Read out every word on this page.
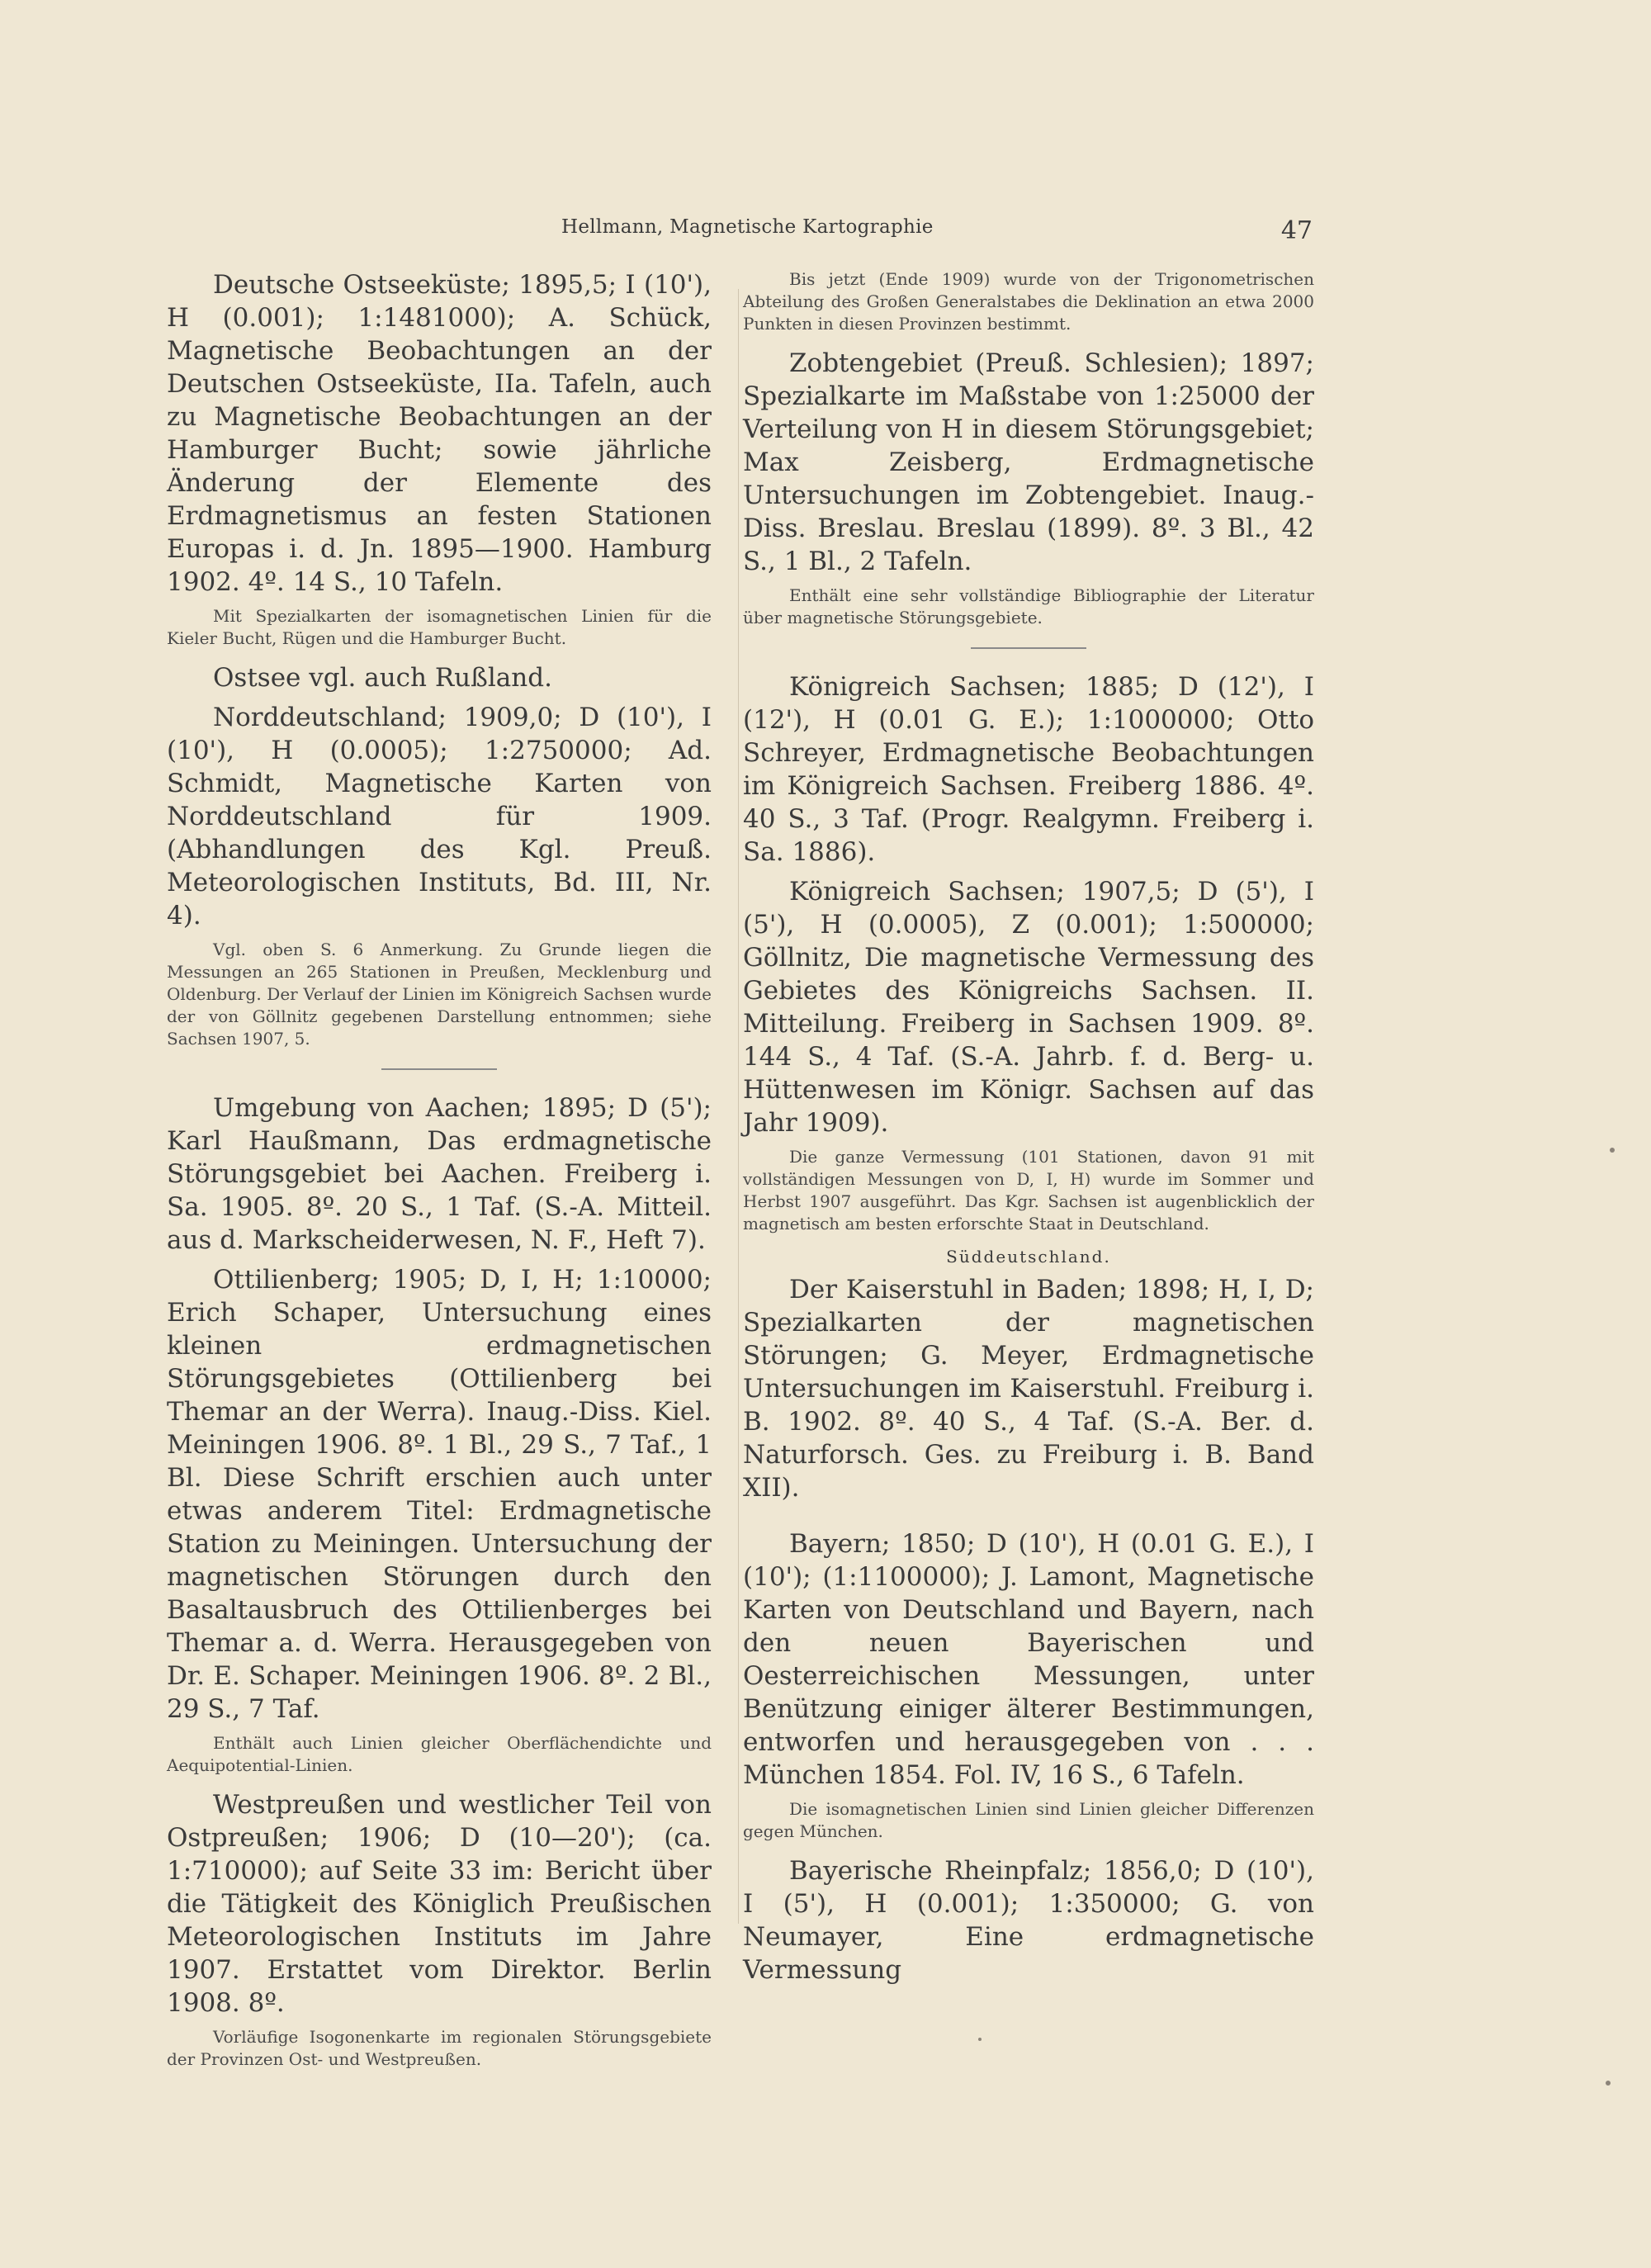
Hellmann, Magnetische Kartographie	47

Deutsche Ostseeküste; 1895,5; I (10'), H (0.001); 1:1481000); A. Schück, Magnetische Beobachtungen an der Deutschen Ostseeküste, IIa. Tafeln, auch zu Magnetische Beobachtungen an der Hamburger Bucht; sowie jährliche Änderung der Elemente des Erdmagnetismus an festen Stationen Europas i. d. Jn. 1895—1900. Hamburg 1902. 4º. 14 S., 10 Tafeln.

Mit Spezialkarten der isomagnetischen Linien für die Kieler Bucht, Rügen und die Hamburger Bucht.

Ostsee vgl. auch Rußland.

Norddeutschland; 1909,0; D (10'), I (10'), H (0.0005); 1:2750000; Ad. Schmidt, Magnetische Karten von Norddeutschland für 1909. (Abhandlungen des Kgl. Preuß. Meteorologischen Instituts, Bd. III, Nr. 4).

Vgl. oben S. 6 Anmerkung. Zu Grunde liegen die Messungen an 265 Stationen in Preußen, Mecklenburg und Oldenburg. Der Verlauf der Linien im Königreich Sachsen wurde der von Göllnitz gegebenen Darstellung entnommen; siehe Sachsen 1907, 5.

Umgebung von Aachen; 1895; D (5'); Karl Haußmann, Das erdmagnetische Störungsgebiet bei Aachen. Freiberg i. Sa. 1905. 8º. 20 S., 1 Taf. (S.-A. Mitteil. aus d. Markscheiderwesen, N. F., Heft 7).

Ottilienberg; 1905; D, I, H; 1:10000; Erich Schaper, Untersuchung eines kleinen erdmagnetischen Störungsgebietes (Ottilienberg bei Themar an der Werra). Inaug.-Diss. Kiel. Meiningen 1906. 8º. 1 Bl., 29 S., 7 Taf., 1 Bl. Diese Schrift erschien auch unter etwas anderem Titel: Erdmagnetische Station zu Meiningen. Untersuchung der magnetischen Störungen durch den Basaltausbruch des Ottilienberges bei Themar a. d. Werra. Herausgegeben von Dr. E. Schaper. Meiningen 1906. 8º. 2 Bl., 29 S., 7 Taf.

Enthält auch Linien gleicher Oberflächendichte und Aequipotential-Linien.

Westpreußen und westlicher Teil von Ostpreußen; 1906; D (10—20'); (ca. 1:710000); auf Seite 33 im: Bericht über die Tätigkeit des Königlich Preußischen Meteorologischen Instituts im Jahre 1907. Erstattet vom Direktor. Berlin 1908. 8º.

Vorläufige Isogonenkarte im regionalen Störungsgebiete der Provinzen Ost- und Westpreußen.

Bis jetzt (Ende 1909) wurde von der Trigonometrischen Abteilung des Großen Generalstabes die Deklination an etwa 2000 Punkten in diesen Provinzen bestimmt.

Zobtengebiet (Preuß. Schlesien); 1897; Spezialkarte im Maßstabe von 1:25000 der Verteilung von H in diesem Störungsgebiet; Max Zeisberg, Erdmagnetische Untersuchungen im Zobtengebiet. Inaug.-Diss. Breslau. Breslau (1899). 8º. 3 Bl., 42 S., 1 Bl., 2 Tafeln.

Enthält eine sehr vollständige Bibliographie der Literatur über magnetische Störungsgebiete.

Königreich Sachsen; 1885; D (12'), I (12'), H (0.01 G. E.); 1:1000000; Otto Schreyer, Erdmagnetische Beobachtungen im Königreich Sachsen. Freiberg 1886. 4º. 40 S., 3 Taf. (Progr. Realgymn. Freiberg i. Sa. 1886).

Königreich Sachsen; 1907,5; D (5'), I (5'), H (0.0005), Z (0.001); 1:500000; Göllnitz, Die magnetische Vermessung des Gebietes des Königreichs Sachsen. II. Mitteilung. Freiberg in Sachsen 1909. 8º. 144 S., 4 Taf. (S.-A. Jahrb. f. d. Berg- u. Hüttenwesen im Königr. Sachsen auf das Jahr 1909).

Die ganze Vermessung (101 Stationen, davon 91 mit vollständigen Messungen von D, I, H) wurde im Sommer und Herbst 1907 ausgeführt. Das Kgr. Sachsen ist augenblicklich der magnetisch am besten erforschte Staat in Deutschland.

Süddeutschland.

Der Kaiserstuhl in Baden; 1898; H, I, D; Spezialkarten der magnetischen Störungen; G. Meyer, Erdmagnetische Untersuchungen im Kaiserstuhl. Freiburg i. B. 1902. 8º. 40 S., 4 Taf. (S.-A. Ber. d. Naturforsch. Ges. zu Freiburg i. B. Band XII).

Bayern; 1850; D (10'), H (0.01 G. E.), I (10'); (1:1100000); J. Lamont, Magnetische Karten von Deutschland und Bayern, nach den neuen Bayerischen und Oesterreichischen Messungen, unter Benützung einiger älterer Bestimmungen, entworfen und herausgegeben von . . . München 1854. Fol. IV, 16 S., 6 Tafeln.

Die isomagnetischen Linien sind Linien gleicher Differenzen gegen München.

Bayerische Rheinpfalz; 1856,0; D (10'), I (5'), H (0.001); 1:350000; G. von Neumayer, Eine erdmagnetische Vermessung
